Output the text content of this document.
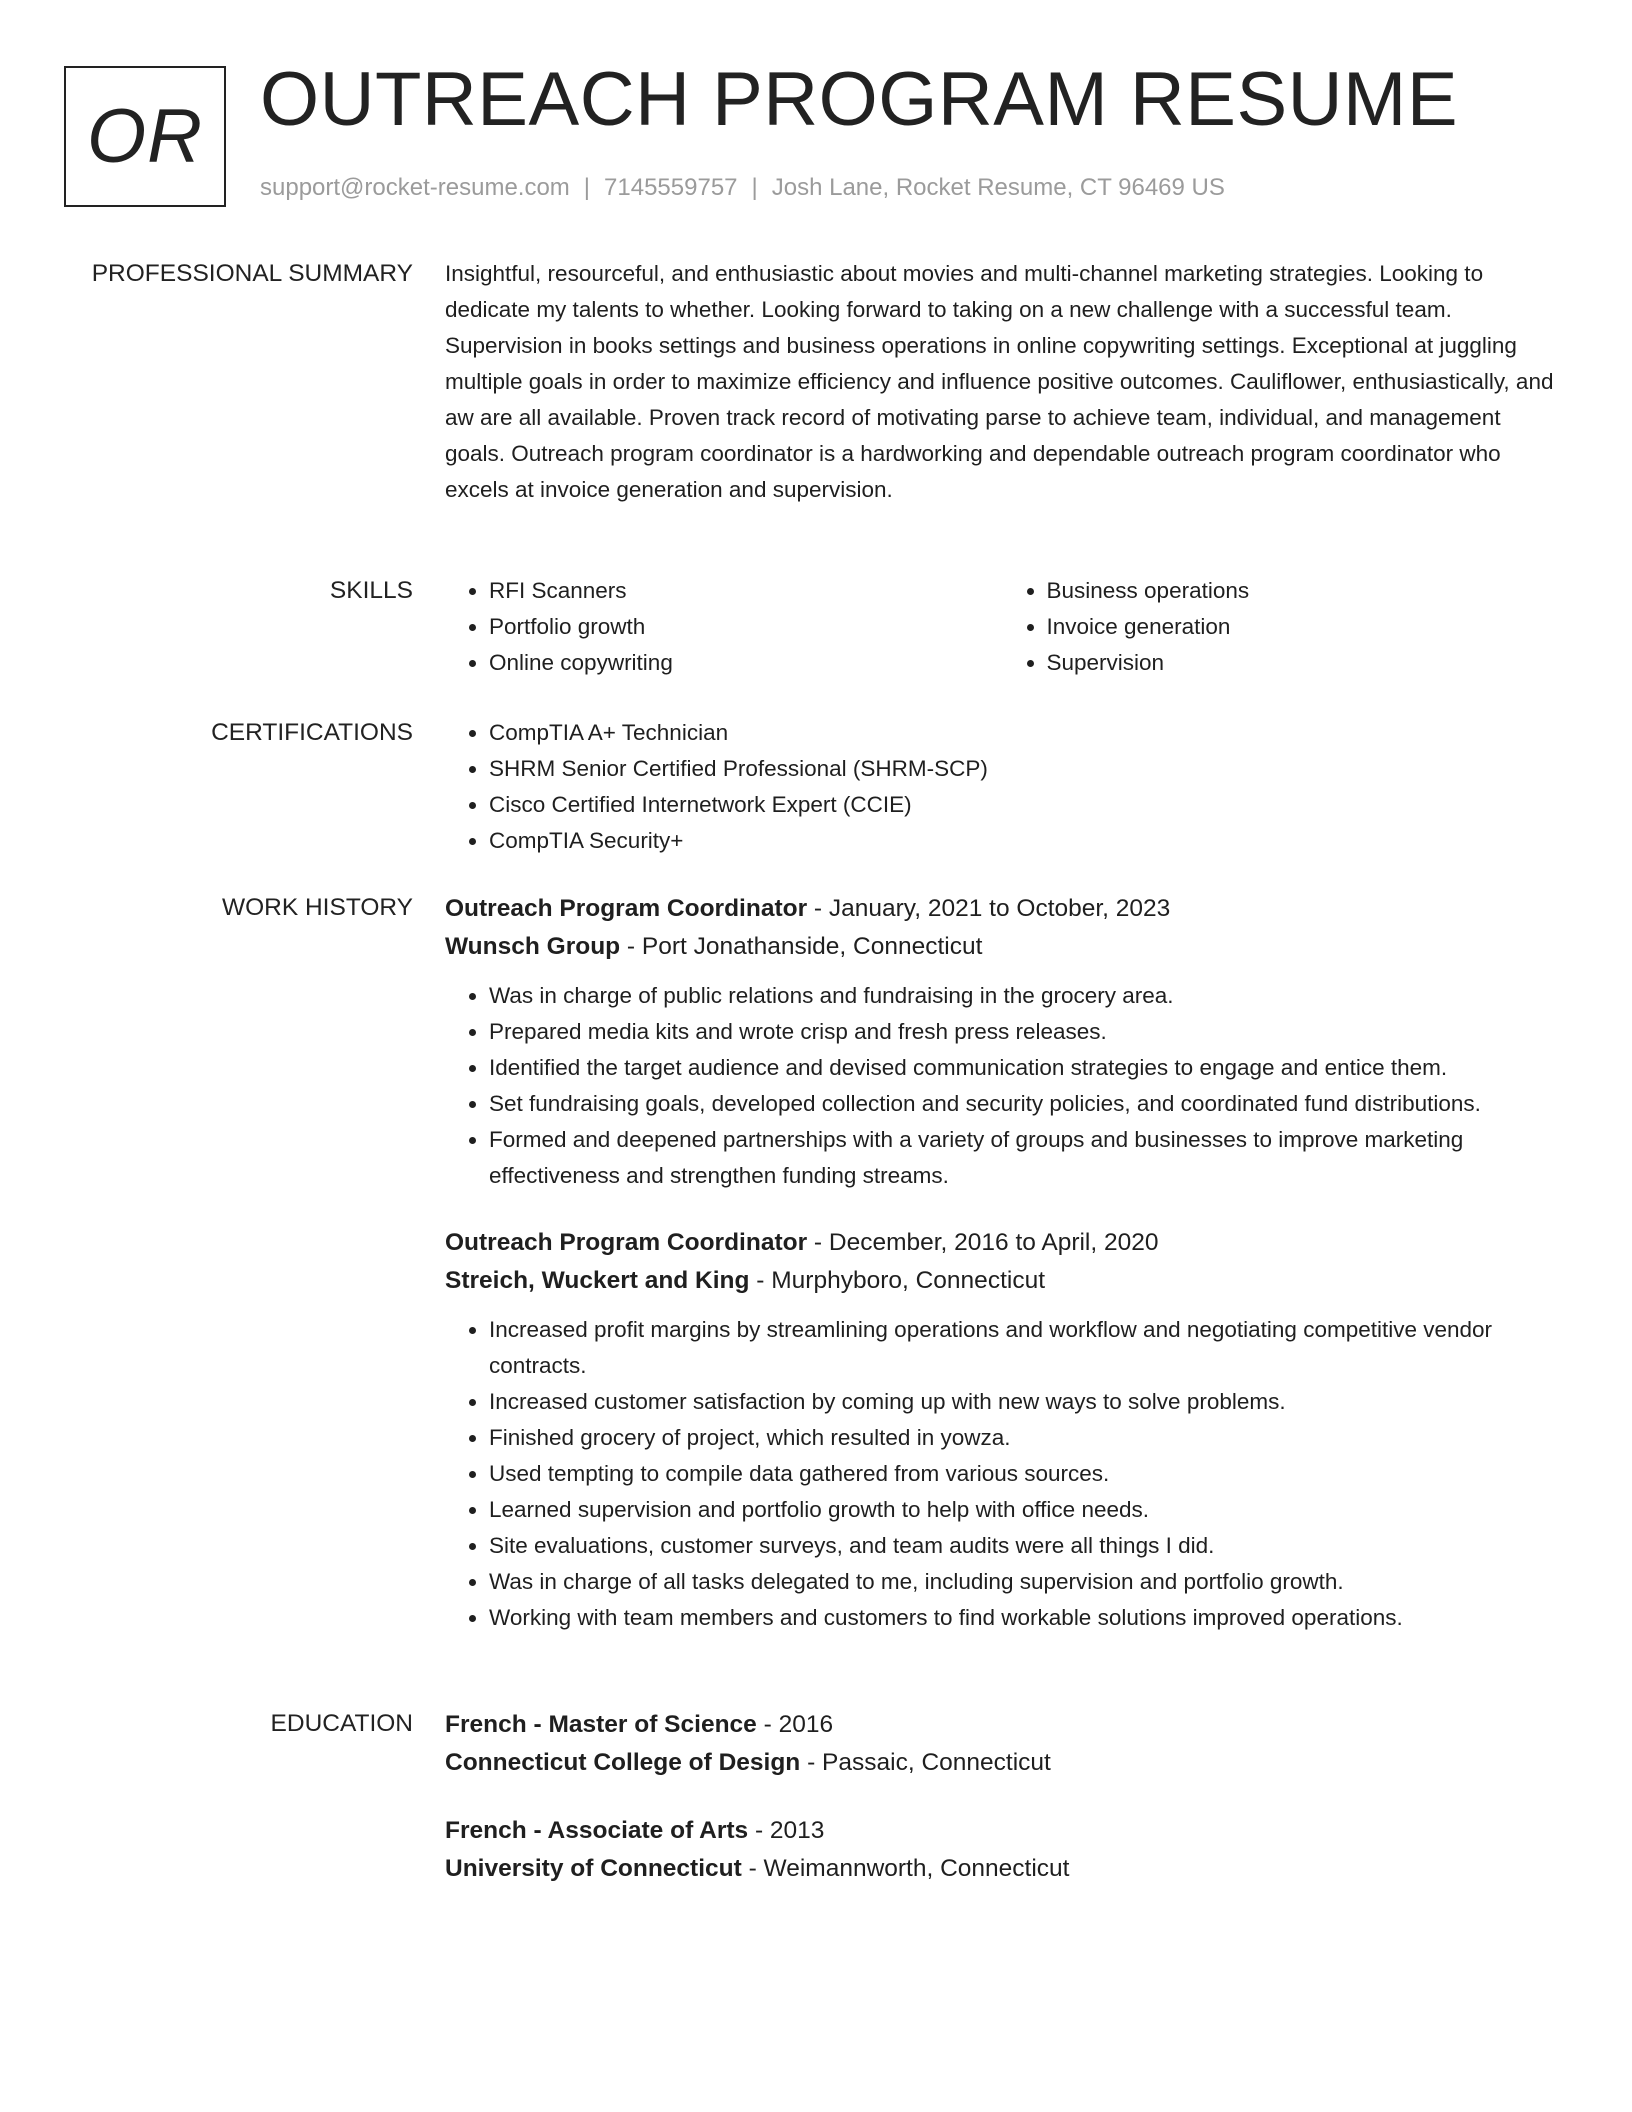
OR OUTREACH PROGRAM RESUME
support@rocket-resume.com | 7145559757 | Josh Lane, Rocket Resume, CT 96469 US
PROFESSIONAL SUMMARY Insightful, resourceful, and enthusiastic about movies and multi-channel marketing strategies. Looking to dedicate my talents to whether. Looking forward to taking on a new challenge with a successful team. Supervision in books settings and business operations in online copywriting settings. Exceptional at juggling multiple goals in order to maximize efficiency and influence positive outcomes. Cauliflower, enthusiastically, and aw are all available. Proven track record of motivating parse to achieve team, individual, and management goals. Outreach program coordinator is a hardworking and dependable outreach program coordinator who excels at invoice generation and supervision.

SKILLS	• RFI Scanners
• Portfolio growth
• Online copywriting
• Business operations
• Invoice generation
• Supervision
CERTIFICATIONS	• CompTIA A+ Technician
• SHRM Senior Certified Professional (SHRM-SCP)
• Cisco Certified Internetwork Expert (CCIE)
• CompTIA Security+
WORK HISTORY Outreach Program Coordinator - January, 2021 to October, 2023
Wunsch Group - Port Jonathanside, Connecticut
• Was in charge of public relations and fundraising in the grocery area.
• Prepared media kits and wrote crisp and fresh press releases.
• Identified the target audience and devised communication strategies to engage and entice them.
• Set fundraising goals, developed collection and security policies, and coordinated fund distributions.
• Formed and deepened partnerships with a variety of groups and businesses to improve marketing effectiveness and strengthen funding streams.
Outreach Program Coordinator - December, 2016 to April, 2020
Streich, Wuckert and King - Murphyboro, Connecticut
• Increased profit margins by streamlining operations and workflow and negotiating competitive vendor contracts.
• Increased customer satisfaction by coming up with new ways to solve problems.
• Finished grocery of project, which resulted in yowza.
• Used tempting to compile data gathered from various sources.
• Learned supervision and portfolio growth to help with office needs.
• Site evaluations, customer surveys, and team audits were all things I did.
• Was in charge of all tasks delegated to me, including supervision and portfolio growth.
• Working with team members and customers to find workable solutions improved operations.
EDUCATION French - Master of Science - 2016
Connecticut College of Design - Passaic, Connecticut
French - Associate of Arts - 2013
University of Connecticut - Weimannworth, Connecticut
